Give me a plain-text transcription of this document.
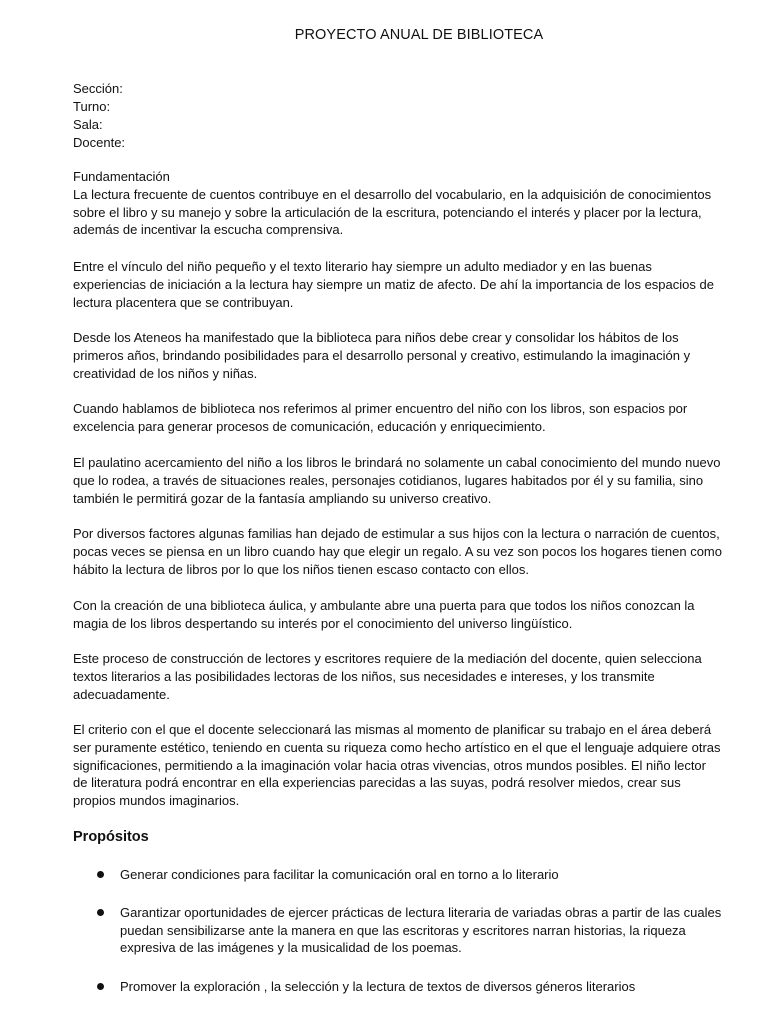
PROYECTO ANUAL DE BIBLIOTECA
Sección:
Turno:
Sala:
Docente:

Fundamentación

La lectura frecuente de cuentos contribuye en el desarrollo del vocabulario, en la adquisición de conocimientos sobre el libro y su manejo y sobre la articulación de la escritura, potenciando el interés y placer por la lectura, además de incentivar la escucha comprensiva.

Entre el vínculo del niño pequeño y el texto literario hay siempre un adulto mediador y en las buenas experiencias de iniciación a la lectura hay siempre un matiz de afecto. De ahí la importancia de los espacios de lectura placentera que se contribuyan.

Desde los Ateneos ha manifestado que la biblioteca para niños debe crear y consolidar los hábitos de los primeros años, brindando posibilidades para el desarrollo personal y creativo, estimulando la imaginación y creatividad de los niños y niñas.

Cuando hablamos de biblioteca nos referimos al primer encuentro del niño con los libros, son espacios por excelencia para generar procesos de comunicación, educación y enriquecimiento.

El paulatino acercamiento del niño a los libros le brindará no solamente un cabal conocimiento del mundo nuevo que lo rodea, a través de situaciones reales, personajes cotidianos, lugares habitados por él y su familia, sino también le permitirá gozar de la fantasía ampliando su universo creativo.

Por diversos factores algunas familias han dejado de estimular a sus hijos con la lectura o narración de cuentos, pocas veces se piensa en un libro cuando hay que elegir un regalo. A su vez son pocos los hogares tienen como hábito la lectura de libros por lo que los niños tienen escaso contacto con ellos.

Con la creación de una biblioteca áulica, y ambulante abre una puerta para que todos los niños conozcan la magia de los libros despertando su interés por el conocimiento del universo lingüístico.

Este proceso de construcción de lectores y escritores requiere de la mediación del docente, quien selecciona textos literarios a las posibilidades lectoras de los niños, sus necesidades e intereses, y los transmite adecuadamente.

El criterio con el que el docente seleccionará las mismas al momento de planificar su trabajo en el área deberá ser puramente estético, teniendo en cuenta su riqueza como hecho artístico en el que el lenguaje adquiere otras significaciones, permitiendo a la imaginación volar hacia otras vivencias, otros mundos posibles. El niño lector de literatura podrá encontrar en ella experiencias parecidas a las suyas, podrá resolver miedos, crear sus propios mundos imaginarios.

Propósitos
Generar condiciones para facilitar la comunicación oral en torno a lo literario
Garantizar oportunidades de ejercer prácticas de lectura literaria de variadas obras a partir de las cuales puedan sensibilizarse ante la manera en que las escritoras y escritores narran historias, la riqueza expresiva de las imágenes y la musicalidad de los poemas.
Promover la exploración , la selección y la lectura de textos de diversos géneros literarios
